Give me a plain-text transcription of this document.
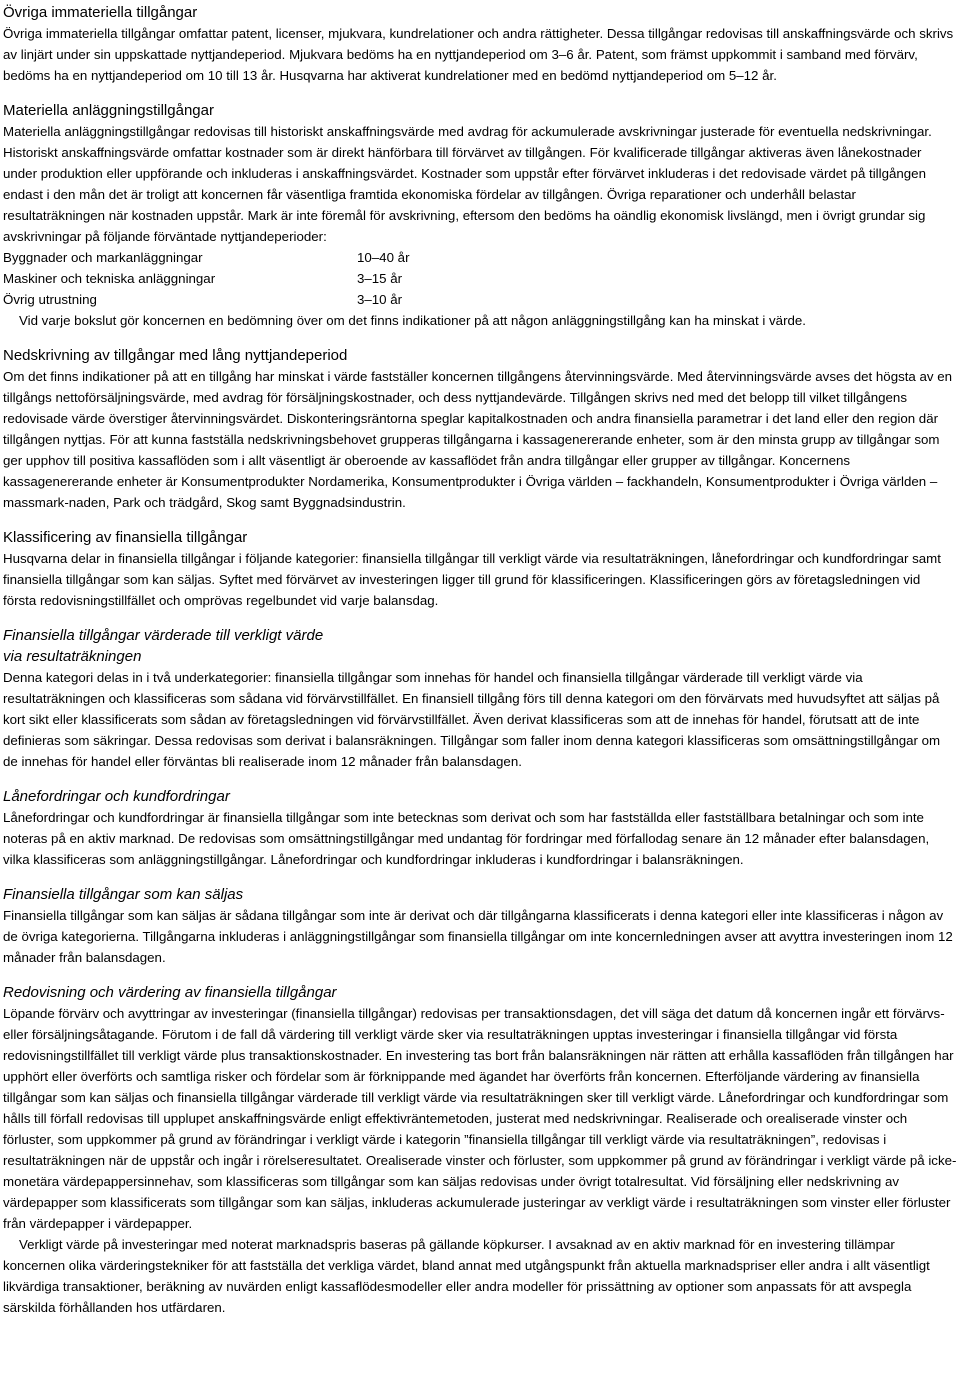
Övriga immateriella tillgångar

Övriga immateriella tillgångar omfattar patent, licenser, mjukvara, kundrelationer och andra rättigheter. Dessa tillgångar redovisas till anskaffningsvärde och skrivs av linjärt under sin uppskattade nyttjandeperiod. Mjukvara bedöms ha en nyttjandeperiod om 3–6 år. Patent, som främst uppkommit i samband med förvärv, bedöms ha en nyttjandeperiod om 10 till 13 år. Husqvarna har aktiverat kundrelationer med en bedömd nyttjandeperiod om 5–12 år.

Materiella anläggningstillgångar

Materiella anläggningstillgångar redovisas till historiskt anskaffningsvärde med avdrag för ackumulerade avskrivningar justerade för eventuella nedskrivningar. Historiskt anskaffningsvärde omfattar kostnader som är direkt hänförbara till förvärvet av tillgången. För kvalificerade tillgångar aktiveras även lånekostnader under produktion eller uppförande och inkluderas i anskaffningsvärdet. Kostnader som uppstår efter förvärvet inkluderas i det redovisade värdet på tillgången endast i den mån det är troligt att koncernen får väsentliga framtida ekonomiska fördelar av tillgången. Övriga reparationer och underhåll belastar resultaträkningen när kostnaden uppstår. Mark är inte föremål för avskrivning, eftersom den bedöms ha oändlig ekonomisk livslängd, men i övrigt grundar sig avskrivningar på följande förväntade nyttjandeperioder:

Byggnader och markanläggningar	10–40 år
Maskiner och tekniska anläggningar	3–15 år
Övrig utrustning	3–10 år

Vid varje bokslut gör koncernen en bedömning över om det finns indikationer på att någon anläggningstillgång kan ha minskat i värde.

Nedskrivning av tillgångar med lång nyttjandeperiod

Om det finns indikationer på att en tillgång har minskat i värde fastställer koncernen tillgångens återvinningsvärde. Med återvinningsvärde avses det högsta av en tillgångs nettoförsäljningsvärde, med avdrag för försäljningskostnader, och dess nyttjandevärde. Tillgången skrivs ned med det belopp till vilket tillgångens redovisade värde överstiger återvinningsvärdet. Diskonteringsräntorna speglar kapitalkostnaden och andra finansiella parametrar i det land eller den region där tillgången nyttjas. För att kunna fastställa nedskrivningsbehovet grupperas tillgångarna i kassagenererande enheter, som är den minsta grupp av tillgångar som ger upphov till positiva kassaflöden som i allt väsentligt är oberoende av kassaflödet från andra tillgångar eller grupper av tillgångar. Koncernens kassagenererande enheter är Konsumentprodukter Nordamerika, Konsumentprodukter i Övriga världen – fackhandeln, Konsumentprodukter i Övriga världen – massmark-naden, Park och trädgård, Skog samt Byggnadsindustrin.

Klassificering av finansiella tillgångar

Husqvarna delar in finansiella tillgångar i följande kategorier: finansiella tillgångar till verkligt värde via resultaträkningen, lånefordringar och kundfordringar samt finansiella tillgångar som kan säljas. Syftet med förvärvet av investeringen ligger till grund för klassificeringen. Klassificeringen görs av företagsledningen vid första redovisningstillfället och omprövas regelbundet vid varje balansdag.

Finansiella tillgångar värderade till verkligt värde
via resultaträkningen

Denna kategori delas in i två underkategorier: finansiella tillgångar som innehas för handel och finansiella tillgångar värderade till verkligt värde via resultaträkningen och klassificeras som sådana vid förvärvstillfället. En finansiell tillgång förs till denna kategori om den förvärvats med huvudsyftet att säljas på kort sikt eller klassificerats som sådan av företagsledningen vid förvärvstillfället. Även derivat klassificeras som att de innehas för handel, förutsatt att de inte definieras som säkringar. Dessa redovisas som derivat i balansräkningen. Tillgångar som faller inom denna kategori klassificeras som omsättningstillgångar om de innehas för handel eller förväntas bli realiserade inom 12 månader från balansdagen.

Lånefordringar och kundfordringar

Lånefordringar och kundfordringar är finansiella tillgångar som inte betecknas som derivat och som har fastställda eller fastställbara betalningar och som inte noteras på en aktiv marknad. De redovisas som omsättningstillgångar med undantag för fordringar med förfallodag senare än 12 månader efter balansdagen, vilka klassificeras som anläggningstillgångar. Lånefordringar och kundfordringar inkluderas i kundfordringar i balansräkningen.

Finansiella tillgångar som kan säljas

Finansiella tillgångar som kan säljas är sådana tillgångar som inte är derivat och där tillgångarna klassificerats i denna kategori eller inte klassificeras i någon av de övriga kategorierna. Tillgångarna inkluderas i anläggningstillgångar som finansiella tillgångar om inte koncernledningen avser att avyttra investeringen inom 12 månader från balansdagen.

Redovisning och värdering av finansiella tillgångar

Löpande förvärv och avyttringar av investeringar (finansiella tillgångar) redovisas per transaktionsdagen, det vill säga det datum då koncernen ingår ett förvärvs- eller försäljningsåtagande. Förutom i de fall då värdering till verkligt värde sker via resultaträkningen upptas investeringar i finansiella tillgångar vid första redovisningstillfället till verkligt värde plus transaktionskostnader. En investering tas bort från balansräkningen när rätten att erhålla kassaflöden från tillgången har upphört eller överförts och samtliga risker och fördelar som är förknippande med ägandet har överförts från koncernen. Efterföljande värdering av finansiella tillgångar som kan säljas och finansiella tillgångar värderade till verkligt värde via resultaträkningen sker till verkligt värde. Lånefordringar och kundfordringar som hålls till förfall redovisas till upplupet anskaffningsvärde enligt effektivräntemetoden, justerat med nedskrivningar. Realiserade och orealiserade vinster och förluster, som uppkommer på grund av förändringar i verkligt värde i kategorin ”finansiella tillgångar till verkligt värde via resultaträkningen”, redovisas i resultaträkningen när de uppstår och ingår i rörelseresultatet. Orealiserade vinster och förluster, som uppkommer på grund av förändringar i verkligt värde på icke-monetära värdepappersinnehav, som klassificeras som tillgångar som kan säljas redovisas under övrigt totalresultat. Vid försäljning eller nedskrivning av värdepapper som klassificerats som tillgångar som kan säljas, inkluderas ackumulerade justeringar av verkligt värde i resultaträkningen som vinster eller förluster från värdepapper i värdepapper.

Verkligt värde på investeringar med noterat marknadspris baseras på gällande köpkurser. I avsaknad av en aktiv marknad för en investering tillämpar koncernen olika värderingstekniker för att fastställa det verkliga värdet, bland annat med utgångspunkt från aktuella marknadspriser eller andra i allt väsentligt likvärdiga transaktioner, beräkning av nuvärden enligt kassaflödesmodeller eller andra modeller för prissättning av optioner som anpassats för att avspegla särskilda förhållanden hos utfärdaren.
